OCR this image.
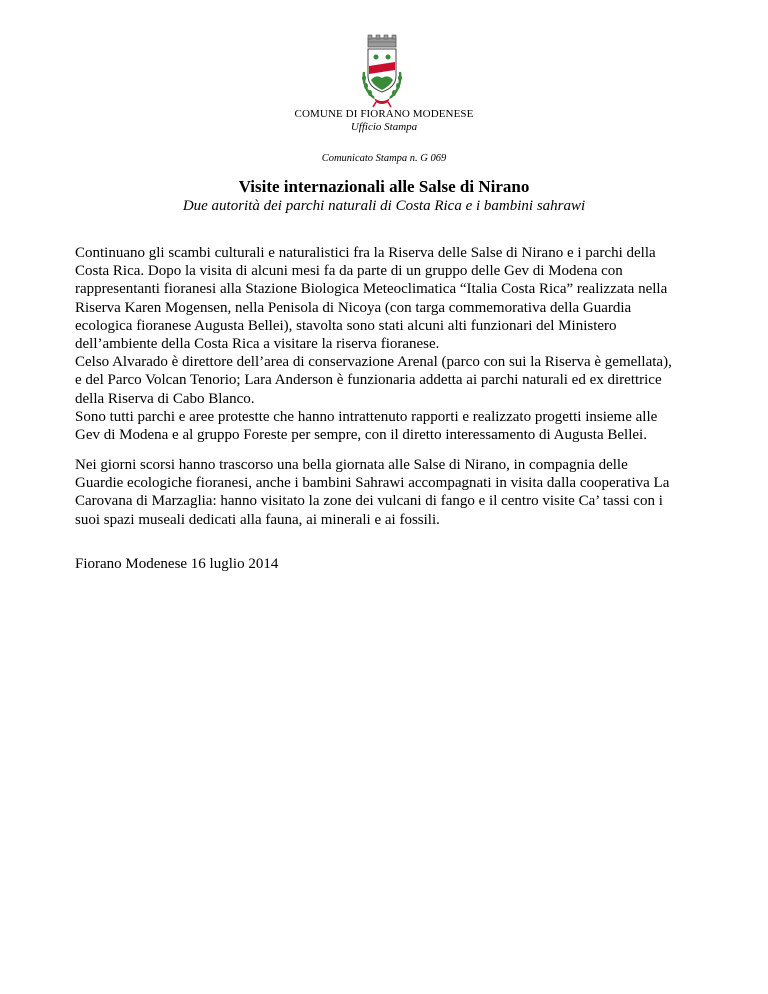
COMUNE DI FIORANO MODENESE
Ufficio Stampa
Comunicato Stampa n. G 069
Visite internazionali alle Salse di Nirano
Due autorità dei parchi naturali di Costa Rica e i bambini sahrawi
Continuano gli scambi culturali e naturalistici fra la Riserva delle Salse di Nirano e i parchi della
Costa Rica. Dopo la visita di alcuni mesi fa da parte di un gruppo delle Gev di Modena con
rappresentanti fioranesi alla Stazione Biologica Meteoclimatica “Italia Costa Rica” realizzata nella
Riserva Karen Mogensen, nella Penisola di Nicoya (con targa commemorativa della Guardia
ecologica fioranese Augusta Bellei), stavolta sono stati alcuni alti funzionari del Ministero
dell’ambiente della Costa Rica a visitare la riserva fioranese.
Celso Alvarado è direttore dell’area di conservazione Arenal (parco con sui la Riserva è gemellata),
e del Parco Volcan Tenorio; Lara Anderson è funzionaria addetta ai parchi naturali ed ex direttrice
della Riserva di Cabo Blanco.
Sono tutti parchi e aree protestte che hanno intrattenuto rapporti e realizzato progetti insieme alle
Gev di Modena e al gruppo Foreste per sempre, con il diretto interessamento di Augusta Bellei.
Nei giorni scorsi hanno trascorso una bella giornata alle Salse di Nirano, in compagnia delle
Guardie ecologiche fioranesi, anche i bambini Sahrawi accompagnati in visita dalla cooperativa La
Carovana di Marzaglia: hanno visitato la zone dei vulcani di fango e il centro visite Ca’ tassi con i
suoi spazi museali dedicati alla fauna, ai minerali e ai fossili.
Fiorano Modenese 16 luglio 2014
